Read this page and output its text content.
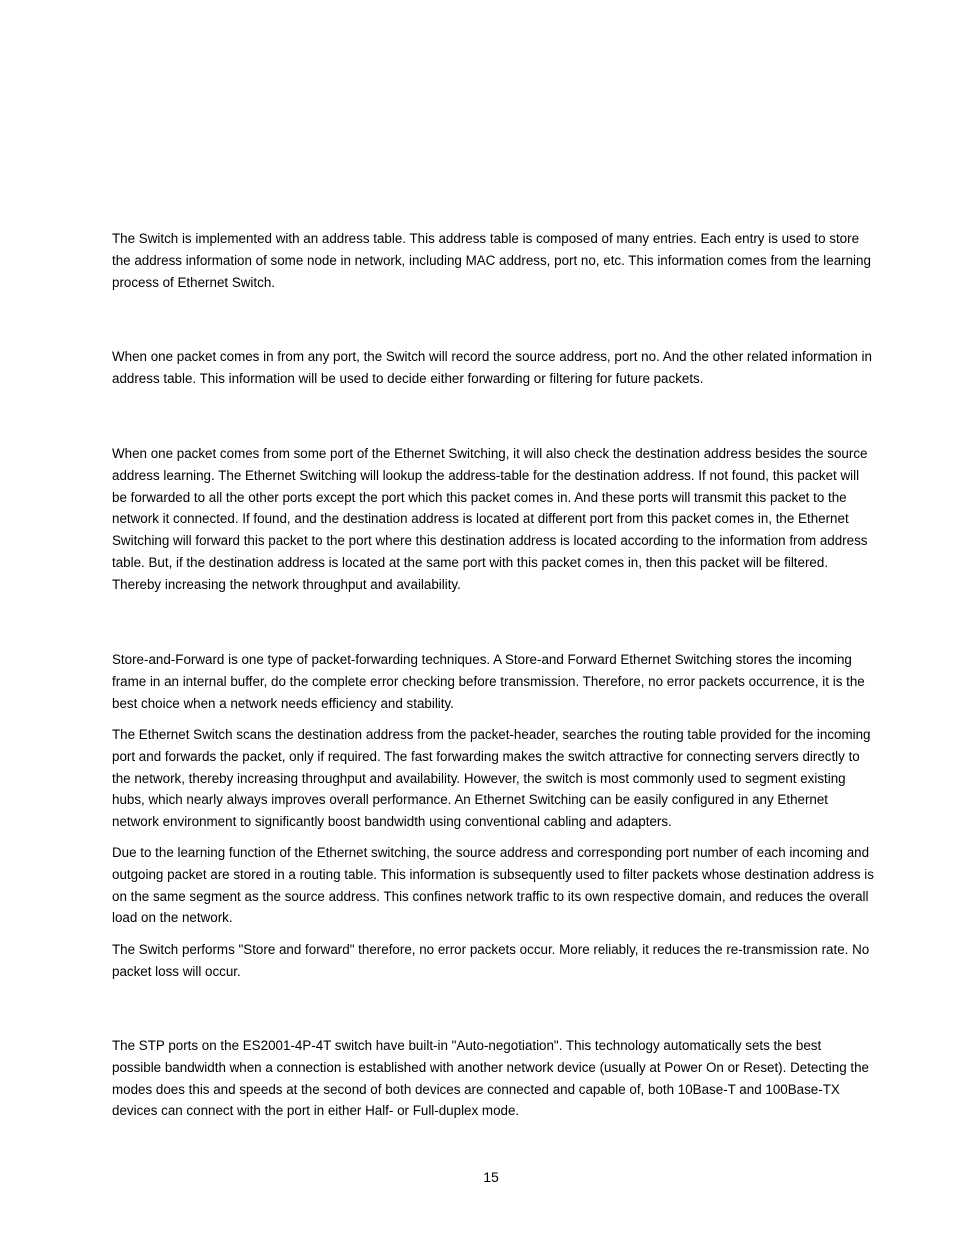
The Switch is implemented with an address table. This address table is composed of many entries. Each entry is used to store the address information of some node in network, including MAC address, port no, etc. This information comes from the learning process of Ethernet Switch.

When one packet comes in from any port, the Switch will record the source address, port no. And the other related information in address table. This information will be used to decide either forwarding or filtering for future packets.

When one packet comes from some port of the Ethernet Switching, it will also check the destination address besides the source address learning. The Ethernet Switching will lookup the address-table for the destination address. If not found, this packet will be forwarded to all the other ports except the port which this packet comes in. And these ports will transmit this packet to the network it connected. If found, and the destination address is located at different port from this packet comes in, the Ethernet Switching will forward this packet to the port where this destination address is located according to the information from address table. But, if the destination address is located at the same port with this packet comes in, then this packet will be filtered. Thereby increasing the network throughput and availability.

Store-and-Forward is one type of packet-forwarding techniques. A Store-and Forward Ethernet Switching stores the incoming frame in an internal buffer, do the complete error checking before transmission. Therefore, no error packets occurrence, it is the best choice when a network needs efficiency and stability.

The Ethernet Switch scans the destination address from the packet-header, searches the routing table provided for the incoming port and forwards the packet, only if required. The fast forwarding makes the switch attractive for connecting servers directly to the network, thereby increasing throughput and availability. However, the switch is most commonly used to segment existing hubs, which nearly always improves overall performance. An Ethernet Switching can be easily configured in any Ethernet network environment to significantly boost bandwidth using conventional cabling and adapters.

Due to the learning function of the Ethernet switching, the source address and corresponding port number of each incoming and outgoing packet are stored in a routing table. This information is subsequently used to filter packets whose destination address is on the same segment as the source address. This confines network traffic to its own respective domain, and reduces the overall load on the network.

The Switch performs "Store and forward" therefore, no error packets occur. More reliably, it reduces the re-transmission rate. No packet loss will occur.

The STP ports on the ES2001-4P-4T switch have built-in "Auto-negotiation". This technology automatically sets the best possible bandwidth when a connection is established with another network device (usually at Power On or Reset). Detecting the modes does this and speeds at the second of both devices are connected and capable of, both 10Base-T and 100Base-TX devices can connect with the port in either Half- or Full-duplex mode.

15
